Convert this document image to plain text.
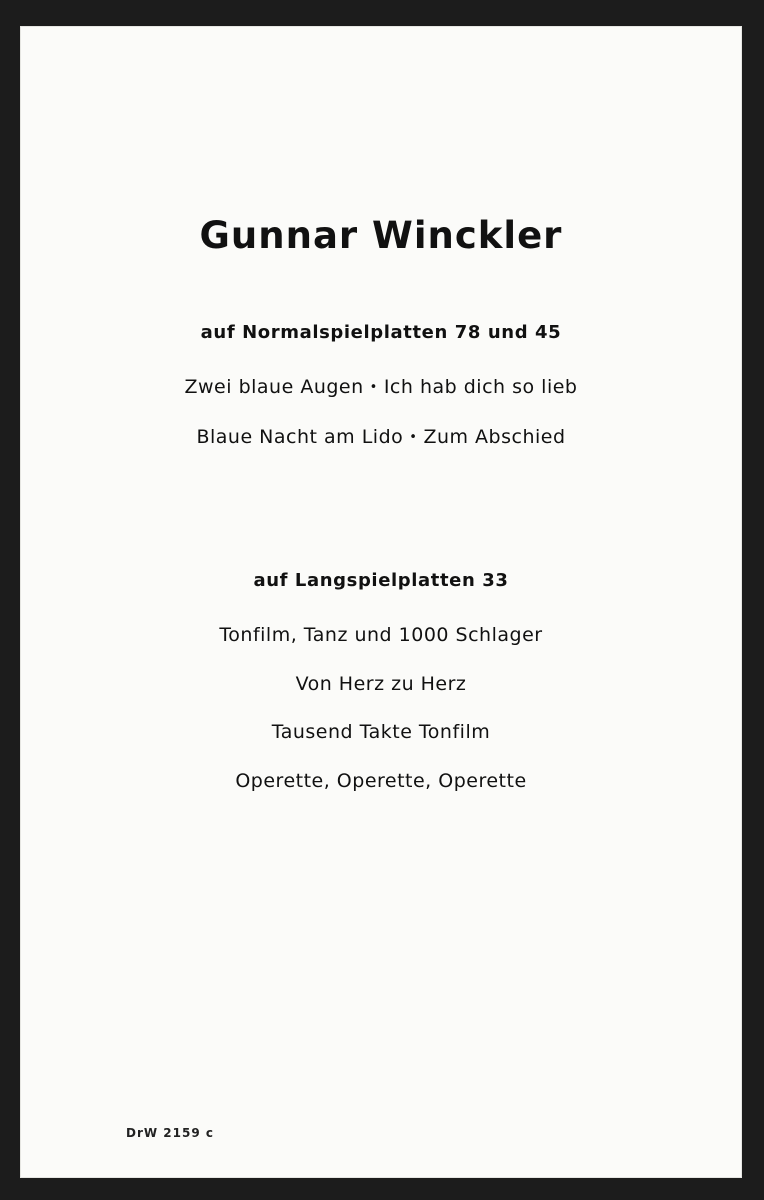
Gunnar Winckler

auf Normalspielplatten 78 und 45

Zwei blaue Augen • Ich hab dich so lieb

Blaue Nacht am Lido • Zum Abschied

auf Langspielplatten 33

Tonfilm, Tanz und 1000 Schlager

Von Herz zu Herz

Tausend Takte Tonfilm

Operette, Operette, Operette

DrW 2159 c
